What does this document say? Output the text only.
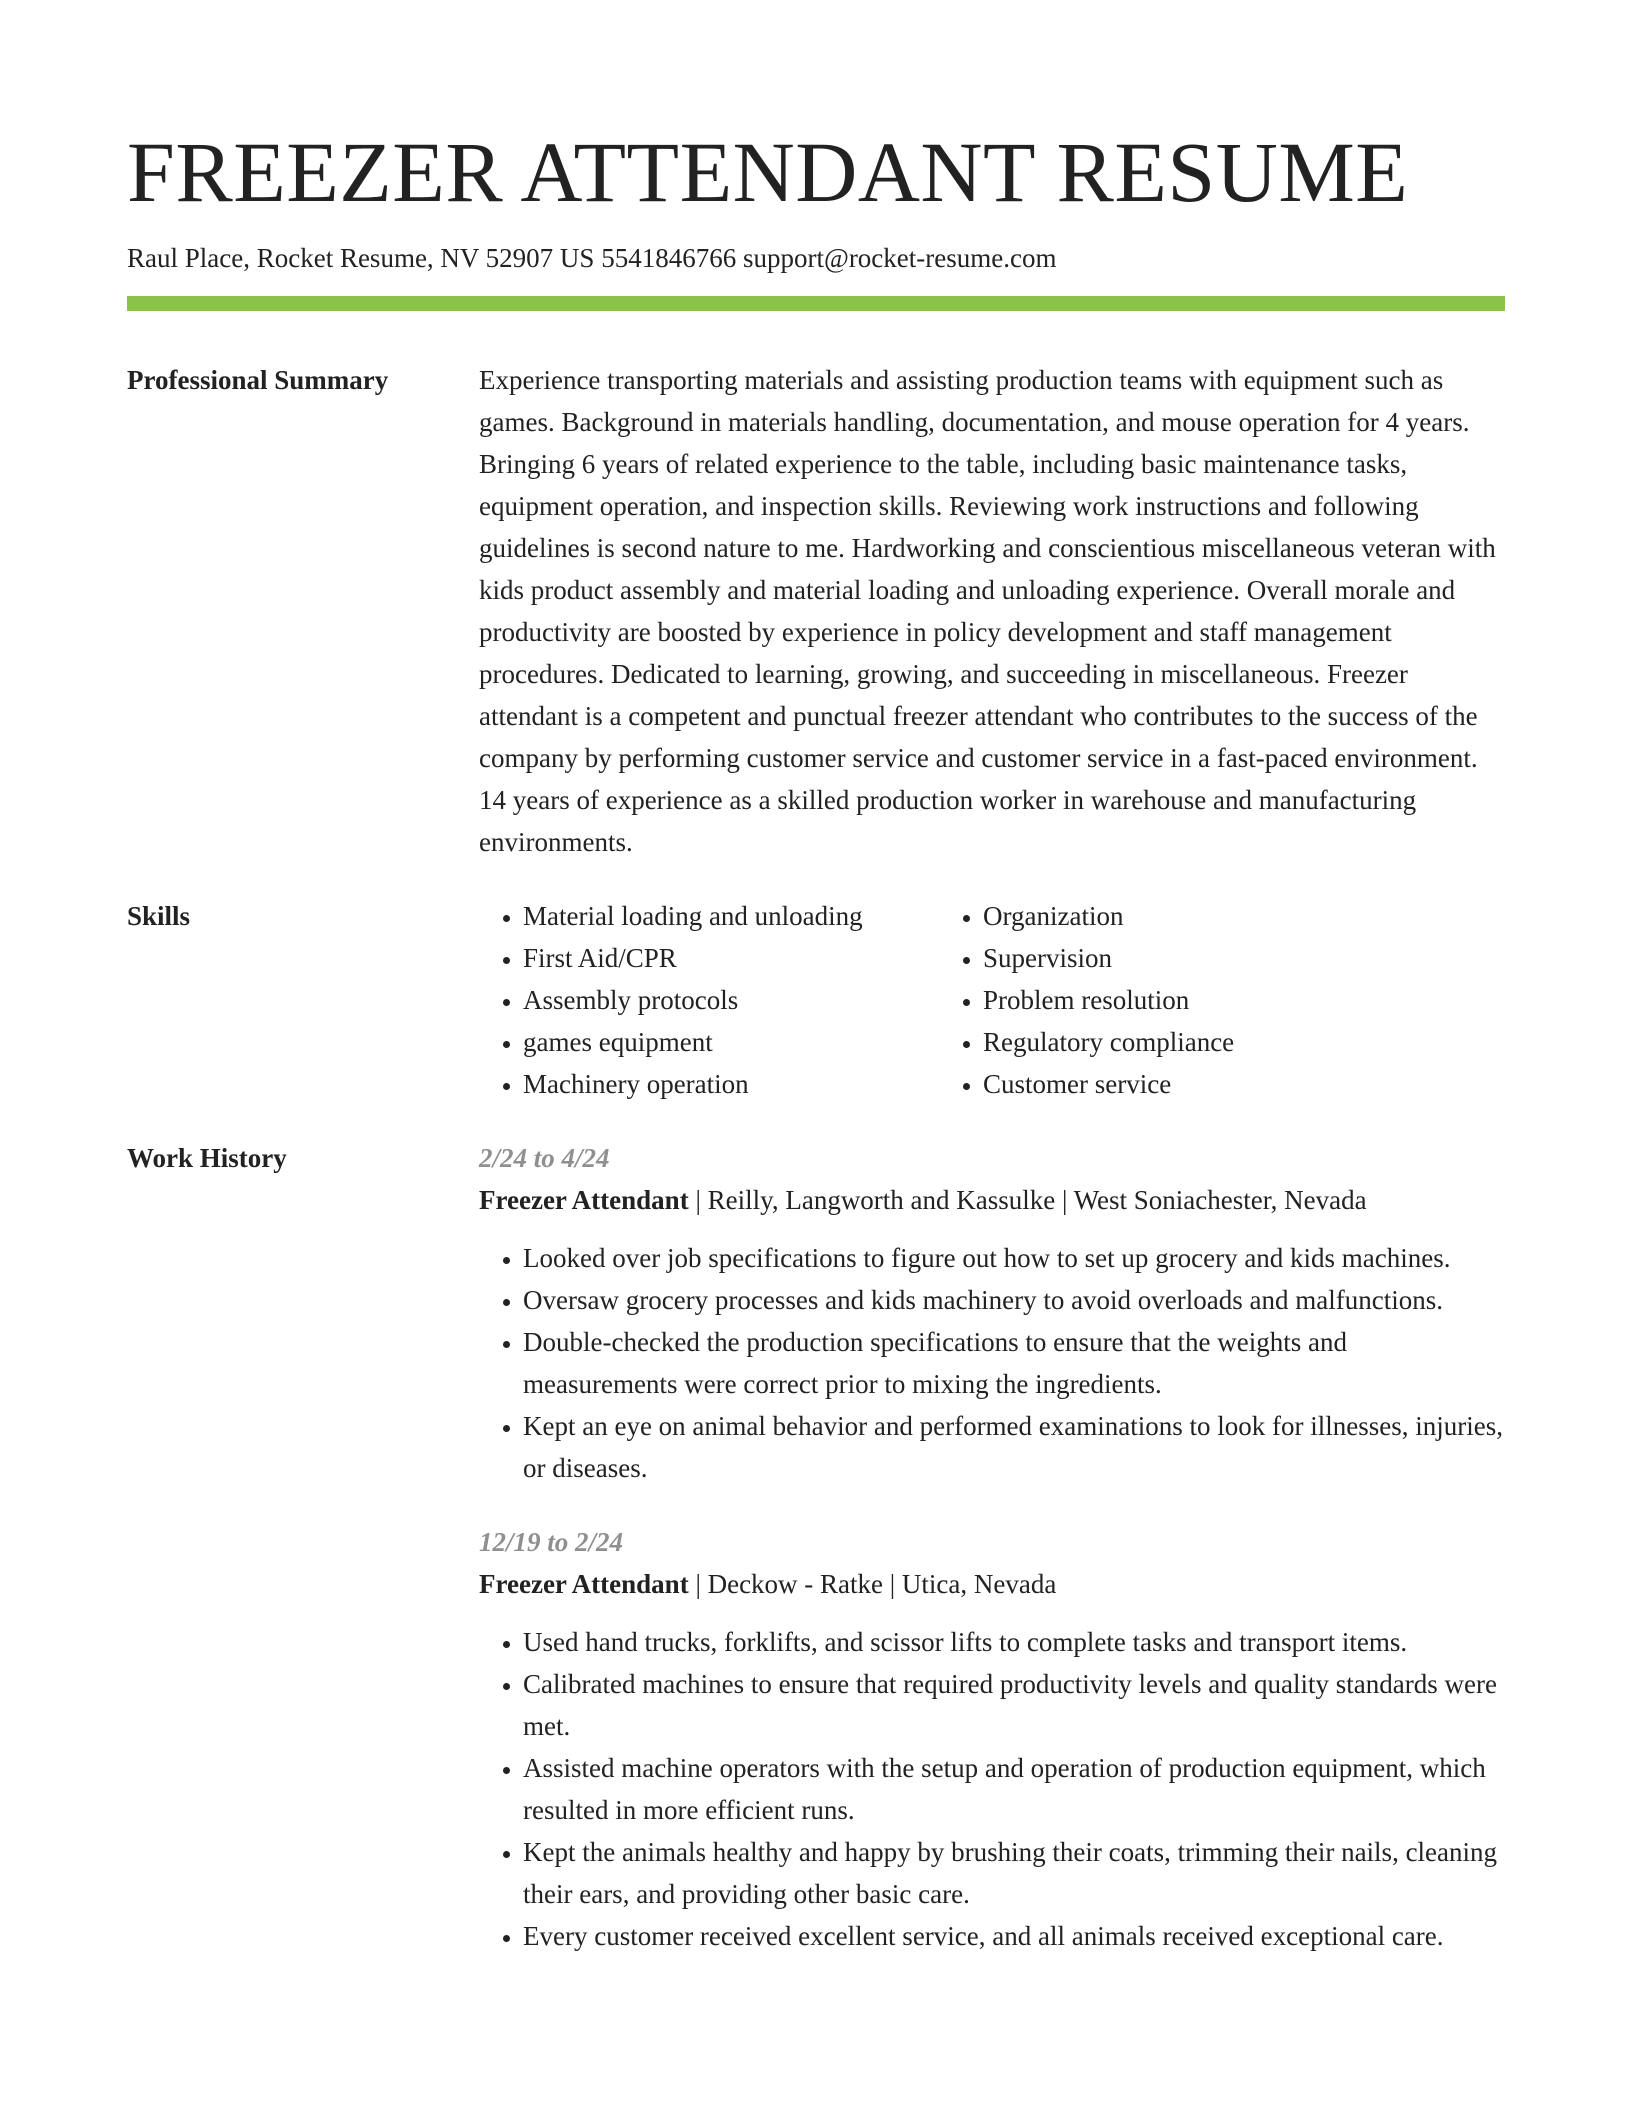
FREEZER ATTENDANT RESUME
Raul Place, Rocket Resume, NV 52907 US 5541846766 support@rocket-resume.com
Professional Summary	Experience transporting materials and assisting production teams with equipment such as games. Background in materials handling, documentation, and mouse operation for 4 years. Bringing 6 years of related experience to the table, including basic maintenance tasks, equipment operation, and inspection skills. Reviewing work instructions and following guidelines is second nature to me. Hardworking and conscientious miscellaneous veteran with kids product assembly and material loading and unloading experience. Overall morale and productivity are boosted by experience in policy development and staff management procedures. Dedicated to learning, growing, and succeeding in miscellaneous. Freezer attendant is a competent and punctual freezer attendant who contributes to the success of the company by performing customer service and customer service in a fast-paced environment. 14 years of experience as a skilled production worker in warehouse and manufacturing environments.
Skills
•	Material loading and unloading
• First Aid/CPR
• Assembly protocols
• games equipment
• Machinery operation
• Organization
• Supervision
• Problem resolution
• Regulatory compliance
• Customer service
Work History	2/24 to 4/24
Freezer Attendant | Reilly, Langworth and Kassulke | West Soniachester, Nevada
• Looked over job specifications to figure out how to set up grocery and kids machines.
• Oversaw grocery processes and kids machinery to avoid overloads and malfunctions.
• Double-checked the production specifications to ensure that the weights and measurements were correct prior to mixing the ingredients.
• Kept an eye on animal behavior and performed examinations to look for illnesses, injuries, or diseases.
12/19 to 2/24
Freezer Attendant | Deckow - Ratke | Utica, Nevada
• Used hand trucks, forklifts, and scissor lifts to complete tasks and transport items.
• Calibrated machines to ensure that required productivity levels and quality standards were met.
• Assisted machine operators with the setup and operation of production equipment, which resulted in more efficient runs.
• Kept the animals healthy and happy by brushing their coats, trimming their nails, cleaning their ears, and providing other basic care.
• Every customer received excellent service, and all animals received exceptional care.
